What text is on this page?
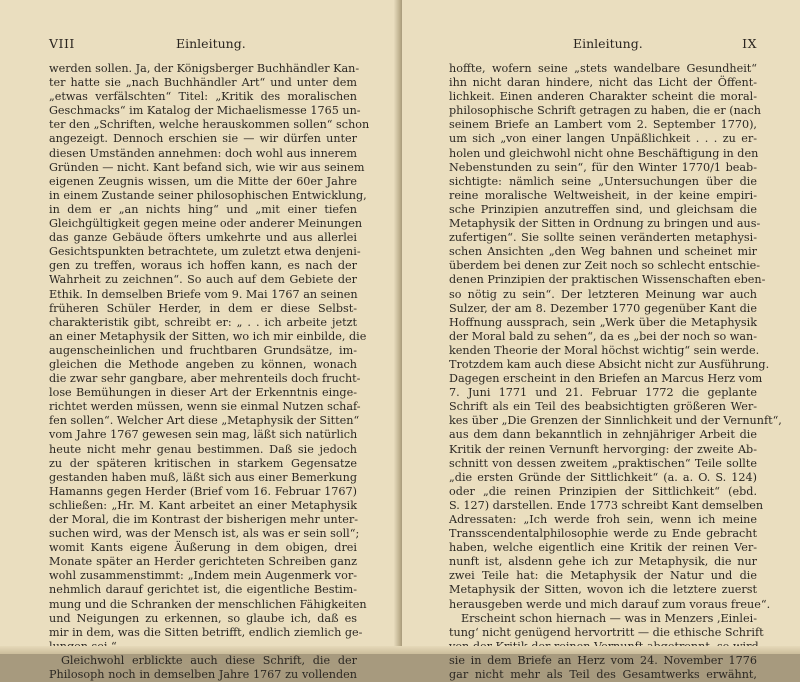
VIII	Einleitung.
werden sollen. Ja, der Königsberger Buchhändler Kan-
ter hatte sie „nach Buchhändler Art“ und unter dem
„etwas verfälschten“ Titel: „Kritik des moralischen
Geschmacks“ im Katalog der Michaelismesse 1765 un-
ter den „Schriften, welche herauskommen sollen“ schon
angezeigt. Dennoch erschien sie — wir dürfen unter
diesen Umständen annehmen: doch wohl aus innerem
Gründen — nicht. Kant befand sich, wie wir aus seinem
eigenen Zeugnis wissen, um die Mitte der 60er Jahre
in einem Zustande seiner philosophischen Entwicklung,
in dem er „an nichts hing“ und „mit einer tiefen
Gleichgültigkeit gegen meine oder anderer Meinungen
das ganze Gebäude öfters umkehrte und aus allerlei
Gesichtspunkten betrachtete, um zuletzt etwa denjeni-
gen zu treffen, woraus ich hoffen kann, es nach der
Wahrheit zu zeichnen“. So auch auf dem Gebiete der
Ethik. In demselben Briefe vom 9. Mai 1767 an seinen
früheren Schüler Herder, in dem er diese Selbst-
charakteristik gibt, schreibt er: „ . . ich arbeite jetzt
an einer Metaphysik der Sitten, wo ich mir einbilde, die
augenscheinlichen und fruchtbaren Grundsätze, im-
gleichen die Methode angeben zu können, wonach
die zwar sehr gangbare, aber mehrenteils doch frucht-
lose Bemühungen in dieser Art der Erkenntnis einge-
richtet werden müssen, wenn sie einmal Nutzen schaf-
fen sollen“. Welcher Art diese „Metaphysik der Sitten“
vom Jahre 1767 gewesen sein mag, läßt sich natürlich
heute nicht mehr genau bestimmen. Daß sie jedoch
zu der späteren kritischen in starkem Gegensatze
gestanden haben muß, läßt sich aus einer Bemerkung
Hamanns gegen Herder (Brief vom 16. Februar 1767)
schließen: „Hr. M. Kant arbeitet an einer Metaphysik
der Moral, die im Kontrast der bisherigen mehr unter-
suchen wird, was der Mensch ist, als was er sein soll“;
womit Kants eigene Äußerung in dem obigen, drei
Monate später an Herder gerichteten Schreiben ganz
wohl zusammenstimmt: „Indem mein Augenmerk vor-
nehmlich darauf gerichtet ist, die eigentliche Bestim-
mung und die Schranken der menschlichen Fähigkeiten
und Neigungen zu erkennen, so glaube ich, daß es
mir in dem, was die Sitten betrifft, endlich ziemlich ge-
Gleichwohl erblickte auch diese Schrift, die der
Philosoph noch in demselben Jahre 1767 zu vollenden
Einleitung.	IX
hoffte, wofern seine „stets wandelbare Gesundheit“
ihn nicht daran hindere, nicht das Licht der Öffent-
lichkeit. Einen anderen Charakter scheint die moral-
philosophische Schrift getragen zu haben, die er (nach
seinem Briefe an Lambert vom 2. September 1770),
um sich „von einer langen Unpäßlichkeit . . . zu er-
holen und gleichwohl nicht ohne Beschäftigung in den
Nebenstunden zu sein“, für den Winter 1770/1 beab-
sichtigte: nämlich seine „Untersuchungen über die
reine moralische Weltweisheit, in der keine empiri-
sche Prinzipien anzutreffen sind, und gleichsam die
Metaphysik der Sitten in Ordnung zu bringen und aus-
zufertigen“. Sie sollte seinen veränderten metaphysi-
schen Ansichten „den Weg bahnen und scheinet mir
überdem bei denen zur Zeit noch so schlecht entschie-
denen Prinzipien der praktischen Wissenschaften eben-
so nötig zu sein“. Der letzteren Meinung war auch
Sulzer, der am 8. Dezember 1770 gegenüber Kant die
Hoffnung aussprach, sein „Werk über die Metaphysik
der Moral bald zu sehen“, da es „bei der noch so wan-
kenden Theorie der Moral höchst wichtig“ sein werde.
Trotzdem kam auch diese Absicht nicht zur Ausführung.
Dagegen erscheint in den Briefen an Marcus Herz vom
7. Juni 1771 und 21. Februar 1772 die geplante
Schrift als ein Teil des beabsichtigten größeren Wer-
kes über „Die Grenzen der Sinnlichkeit und der Vernunft“,
aus dem dann bekanntlich in zehnjähriger Arbeit die
Kritik der reinen Vernunft hervorging: der zweite Ab-
schnitt von dessen zweitem „praktischen“ Teile sollte
„die ersten Gründe der Sittlichkeit“ (a. a. O. S. 124)
oder „die reinen Prinzipien der Sittlichkeit“ (ebd.
S. 127) darstellen. Ende 1773 schreibt Kant demselben
Adressaten: „Ich werde froh sein, wenn ich meine
Transscendentalphilosophie werde zu Ende gebracht
haben, welche eigentlich eine Kritik der reinen Ver-
nunft ist, alsdenn gehe ich zur Metaphysik, die nur
zwei Teile hat: die Metaphysik der Natur und die
Metaphysik der Sitten, wovon ich die letztere zuerst
herausgeben werde und mich darauf zum voraus freue“.
Erscheint schon hiernach — was in Menzers ‚Einlei-
tung‘ nicht genügend hervortritt — die ethische Schrift
sie in dem Briefe an Herz vom 24. November 1776
gar nicht mehr als Teil des Gesamtwerks erwähnt,
